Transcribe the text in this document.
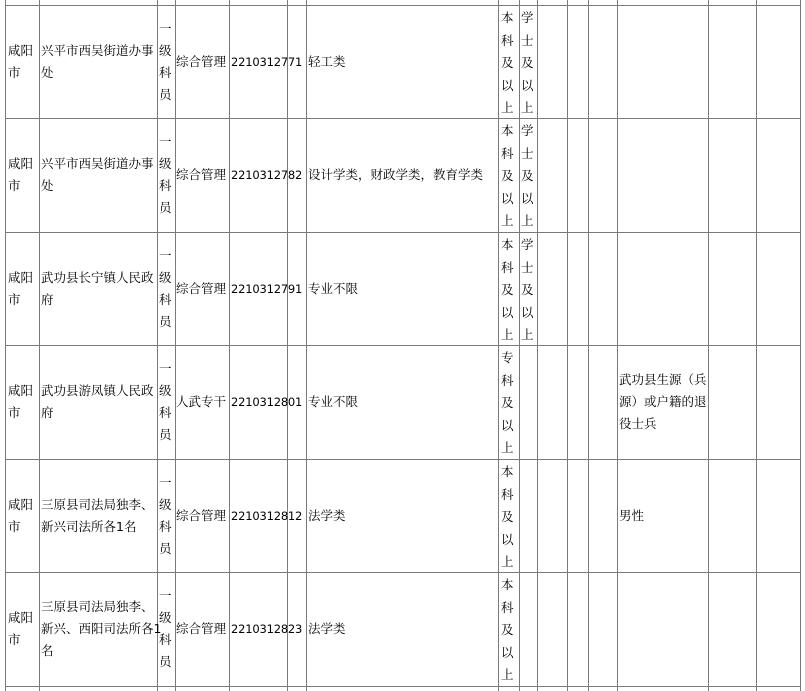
咸阳
市
兴平市西吴街道办事
处
一
级
科
员
综合管理 2210312771 轻工类
本
科
及
以
上
学
士
及
以
上
咸阳
市
兴平市西吴街道办事
处
一
级
科
员
综合管理 2210312782 设计学类，财政学类，教育学类
本
科
及
以
上
学
士
及
以
上
咸阳
市
武功县长宁镇人民政
府
一
级
科
员
综合管理 2210312791 专业不限
本
科
及
以
上
学
士
及
以
上
咸阳
市
武功县游凤镇人民政
府
一
级
科
员
人武专干 2210312801 专业不限
专
科
及
以
上
武功县生源（兵
源）或户籍的退
役士兵
咸阳
市
三原县司法局独李、
新兴司法所各1名
一
级
科
员
综合管理 2210312812 法学类
本
科
及
以
上
男性
咸阳
市
三原县司法局独李、
新兴、西阳司法所各1
名
一
级
科
员
综合管理 2210312823 法学类
本
科
及
以
上
